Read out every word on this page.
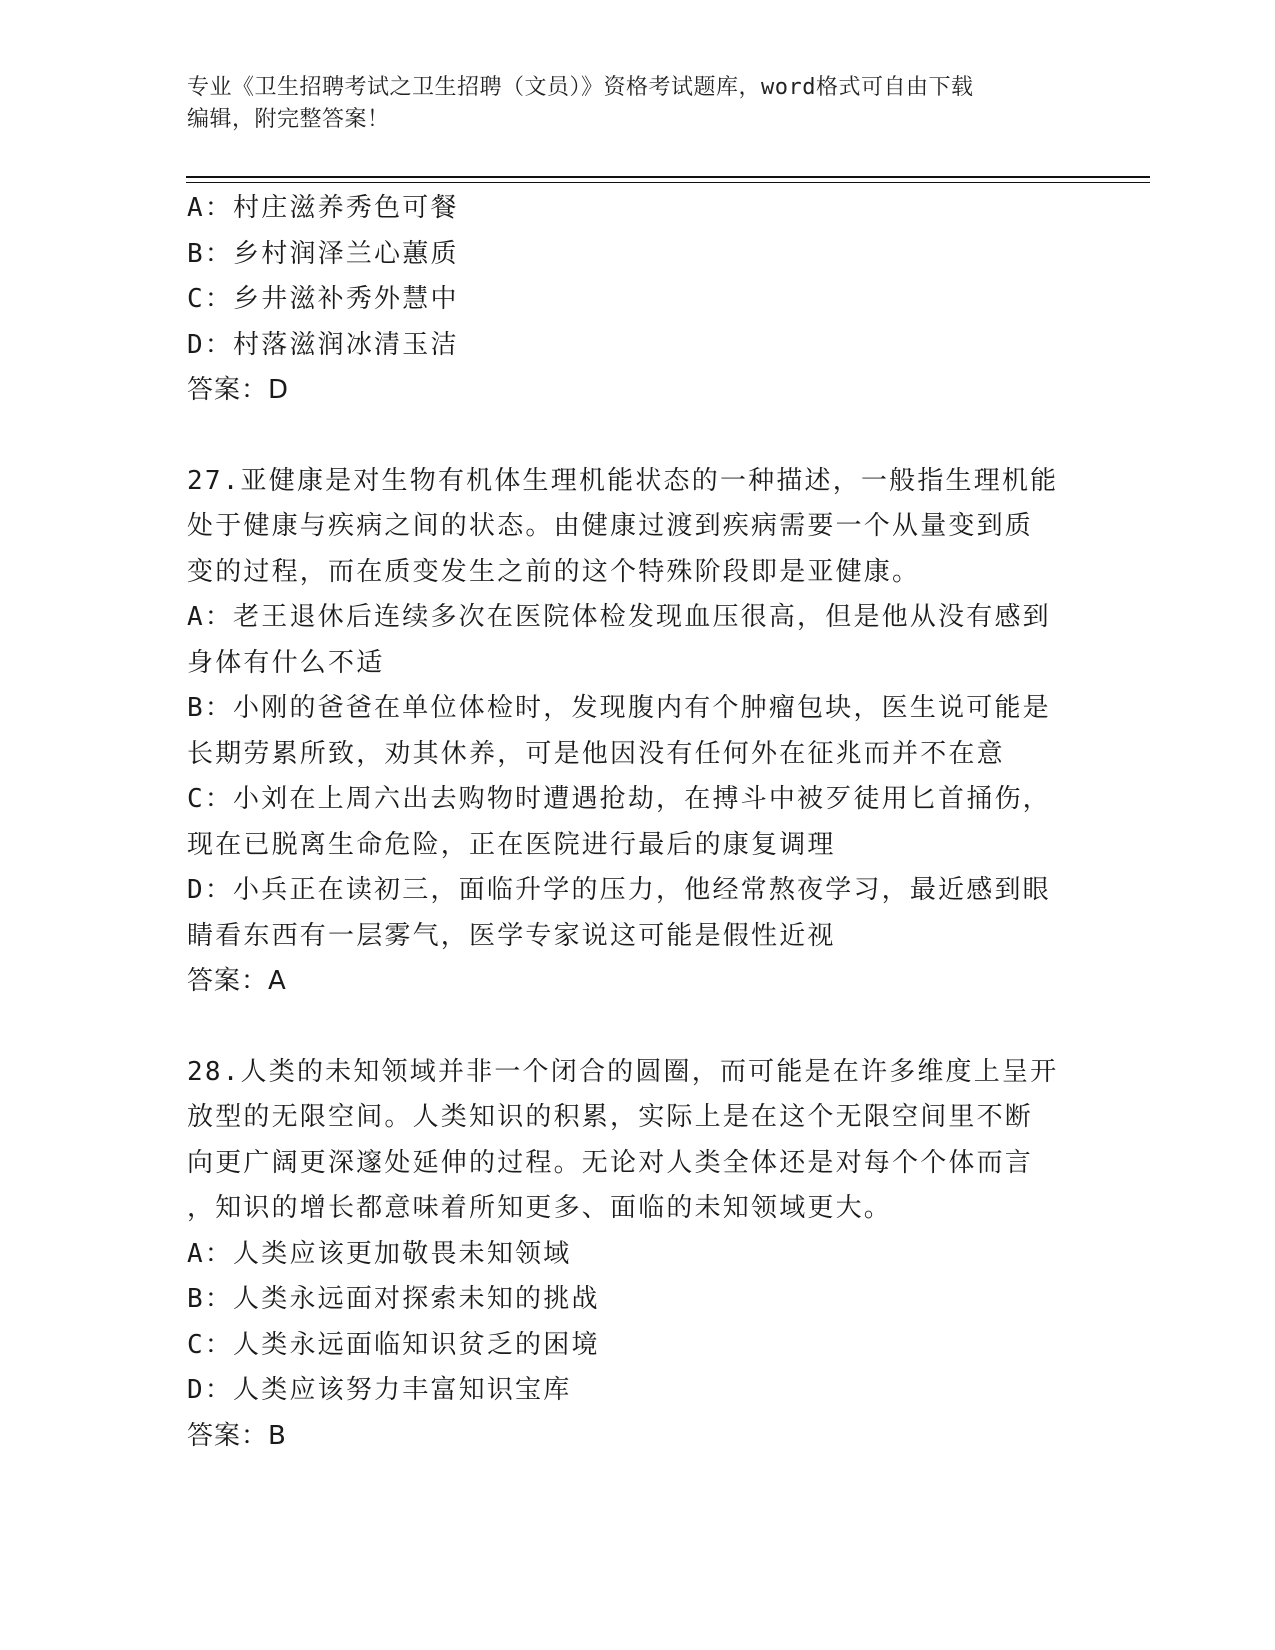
专业《卫生招聘考试之卫生招聘（文员）》资格考试题库，word格式可自由下载
编辑，附完整答案！
A：村庄滋养秀色可餐
B：乡村润泽兰心蕙质
C：乡井滋补秀外慧中
D：村落滋润冰清玉洁
答案：D
27.亚健康是对生物有机体生理机能状态的一种描述，一般指生理机能
处于健康与疾病之间的状态。由健康过渡到疾病需要一个从量变到质
变的过程，而在质变发生之前的这个特殊阶段即是亚健康。
A：老王退休后连续多次在医院体检发现血压很高，但是他从没有感到
身体有什么不适
B：小刚的爸爸在单位体检时，发现腹内有个肿瘤包块，医生说可能是
长期劳累所致，劝其休养，可是他因没有任何外在征兆而并不在意
C：小刘在上周六出去购物时遭遇抢劫，在搏斗中被歹徒用匕首捅伤，
现在已脱离生命危险，正在医院进行最后的康复调理
D：小兵正在读初三，面临升学的压力，他经常熬夜学习，最近感到眼
睛看东西有一层雾气，医学专家说这可能是假性近视
答案：A
28.人类的未知领域并非一个闭合的圆圈，而可能是在许多维度上呈开
放型的无限空间。人类知识的积累，实际上是在这个无限空间里不断
向更广阔更深邃处延伸的过程。无论对人类全体还是对每个个体而言
，知识的增长都意味着所知更多、面临的未知领域更大。
A：人类应该更加敬畏未知领域
B：人类永远面对探索未知的挑战
C：人类永远面临知识贫乏的困境
D：人类应该努力丰富知识宝库
答案：B
